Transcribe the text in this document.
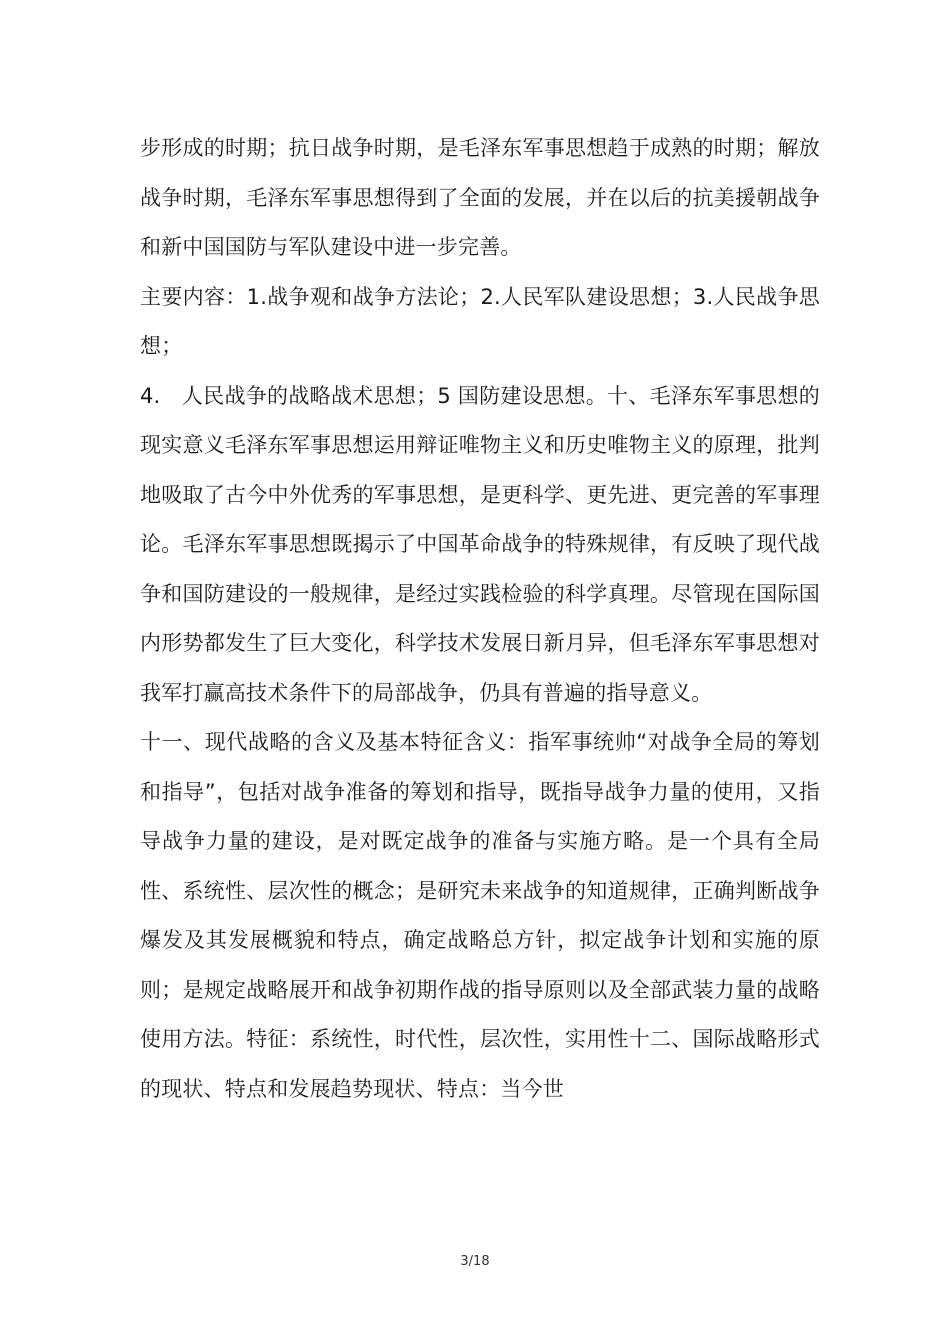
步形成的时期；抗日战争时期，是毛泽东军事思想趋于成熟的时期；解放战争时期，毛泽东军事思想得到了全面的发展，并在以后的抗美援朝战争和新中国国防与军队建设中进一步完善。

主要内容：1.战争观和战争方法论；2.人民军队建设思想；3.人民战争思想；

4.　人民战争的战略战术思想；5 国防建设思想。十、毛泽东军事思想的现实意义毛泽东军事思想运用辩证唯物主义和历史唯物主义的原理，批判地吸取了古今中外优秀的军事思想，是更科学、更先进、更完善的军事理论。毛泽东军事思想既揭示了中国革命战争的特殊规律，有反映了现代战争和国防建设的一般规律，是经过实践检验的科学真理。尽管现在国际国内形势都发生了巨大变化，科学技术发展日新月异，但毛泽东军事思想对我军打赢高技术条件下的局部战争，仍具有普遍的指导意义。

十一、现代战略的含义及基本特征含义：指军事统帅“对战争全局的筹划和指导”，包括对战争准备的筹划和指导，既指导战争力量的使用，又指导战争力量的建设，是对既定战争的准备与实施方略。是一个具有全局性、系统性、层次性的概念；是研究未来战争的知道规律，正确判断战争爆发及其发展概貌和特点，确定战略总方针，拟定战争计划和实施的原则；是规定战略展开和战争初期作战的指导原则以及全部武装力量的战略使用方法。特征：系统性，时代性，层次性，实用性十二、国际战略形式的现状、特点和发展趋势现状、特点：当今世

3/18
